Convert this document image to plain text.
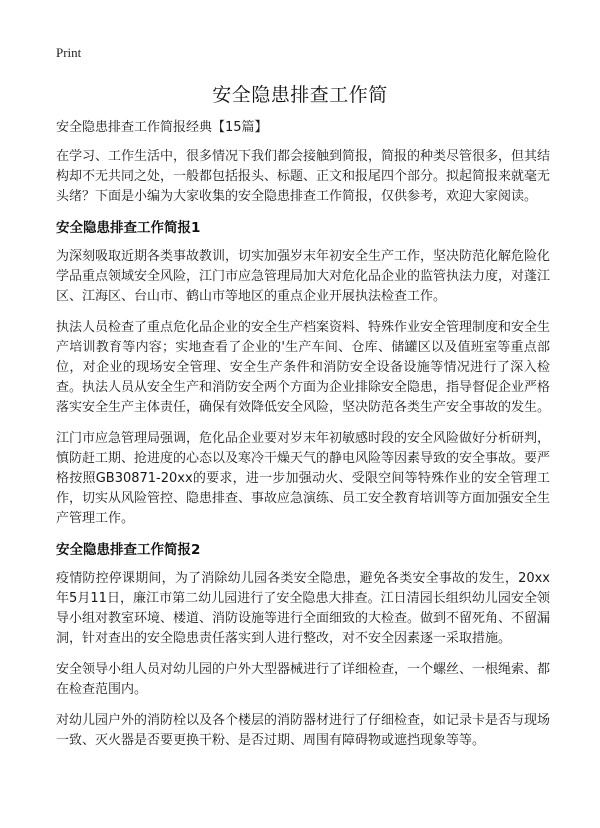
Print
安全隐患排查工作简

安全隐患排查工作简报经典【15篇】

在学习、工作生活中，很多情况下我们都会接触到简报，简报的种类尽管很多，但其结构却不无共同之处，一般都包括报头、标题、正文和报尾四个部分。拟起简报来就毫无头绪？下面是小编为大家收集的安全隐患排查工作简报，仅供参考，欢迎大家阅读。

安全隐患排查工作简报1

为深刻吸取近期各类事故教训，切实加强岁末年初安全生产工作，坚决防范化解危险化学品重点领域安全风险，江门市应急管理局加大对危化品企业的监管执法力度，对蓬江区、江海区、台山市、鹤山市等地区的重点企业开展执法检查工作。

执法人员检查了重点危化品企业的安全生产档案资料、特殊作业安全管理制度和安全生产培训教育等内容；实地查看了企业的'生产车间、仓库、储罐区以及值班室等重点部位，对企业的现场安全管理、安全生产条件和消防安全设备设施等情况进行了深入检查。执法人员从安全生产和消防安全两个方面为企业排除安全隐患，指导督促企业严格落实安全生产主体责任，确保有效降低安全风险，坚决防范各类生产安全事故的发生。

江门市应急管理局强调，危化品企业要对岁末年初敏感时段的安全风险做好分析研判，慎防赶工期、抢进度的心态以及寒冷干燥天气的静电风险等因素导致的安全事故。要严格按照GB30871-20xx的要求，进一步加强动火、受限空间等特殊作业的安全管理工作，切实从风险管控、隐患排查、事故应急演练、员工安全教育培训等方面加强安全生产管理工作。

安全隐患排查工作简报2

疫情防控停课期间，为了消除幼儿园各类安全隐患，避免各类安全事故的发生，20xx年5月11日，廉江市第二幼儿园进行了安全隐患大排查。江日清园长组织幼儿园安全领导小组对教室环境、楼道、消防设施等进行全面细致的大检查。做到不留死角、不留漏洞，针对查出的安全隐患责任落实到人进行整改，对不安全因素逐一采取措施。

安全领导小组人员对幼儿园的户外大型器械进行了详细检查，一个螺丝、一根绳索、都在检查范围内。

对幼儿园户外的消防栓以及各个楼层的消防器材进行了仔细检查，如记录卡是否与现场一致、灭火器是否要更换干粉、是否过期、周围有障碍物或遮挡现象等等。
